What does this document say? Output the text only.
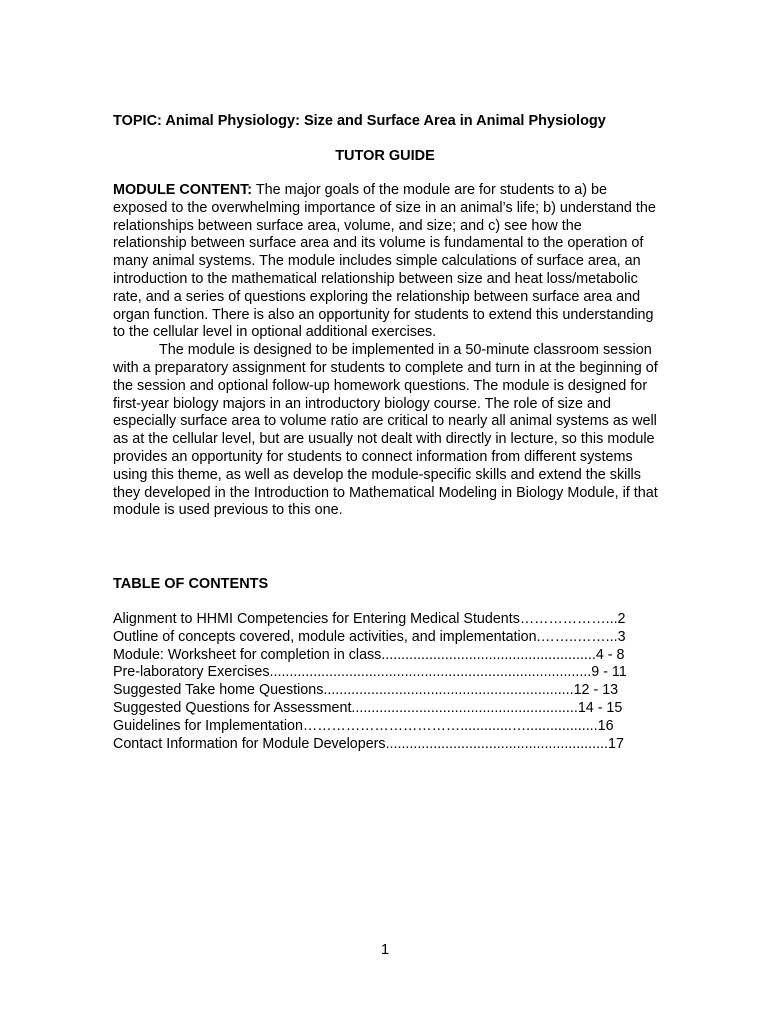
TOPIC: Animal Physiology: Size and Surface Area in Animal Physiology
TUTOR GUIDE

MODULE CONTENT: The major goals of the module are for students to a) be exposed to the overwhelming importance of size in an animal’s life; b) understand the relationships between surface area, volume, and size; and c) see how the relationship between surface area and its volume is fundamental to the operation of many animal systems. The module includes simple calculations of surface area, an introduction to the mathematical relationship between size and heat loss/metabolic rate, and a series of questions exploring the relationship between surface area and organ function. There is also an opportunity for students to extend this understanding to the cellular level in optional additional exercises.

The module is designed to be implemented in a 50-minute classroom session with a preparatory assignment for students to complete and turn in at the beginning of the session and optional follow-up homework questions. The module is designed for first-year biology majors in an introductory biology course. The role of size and especially surface area to volume ratio are critical to nearly all animal systems as well as at the cellular level, but are usually not dealt with directly in lecture, so this module provides an opportunity for students to connect information from different systems using this theme, as well as develop the module-specific skills and extend the skills they developed in the Introduction to Mathematical Modeling in Biology Module, if that module is used previous to this one.

TABLE OF CONTENTS
Alignment to HHMI Competencies for Entering Medical Students………………...2
Outline of concepts covered, module activities, and implementation.……..……...3
Module: Worksheet for completion in class......................................................4 - 8
Pre-laboratory Exercises.................................................................................9 - 11
Suggested Take home Questions...............................................................12 - 13
Suggested Questions for Assessment.........................................................14 - 15
Guidelines for Implementation…………………………….............…..................16
Contact Information for Module Developers........................................................17
1
